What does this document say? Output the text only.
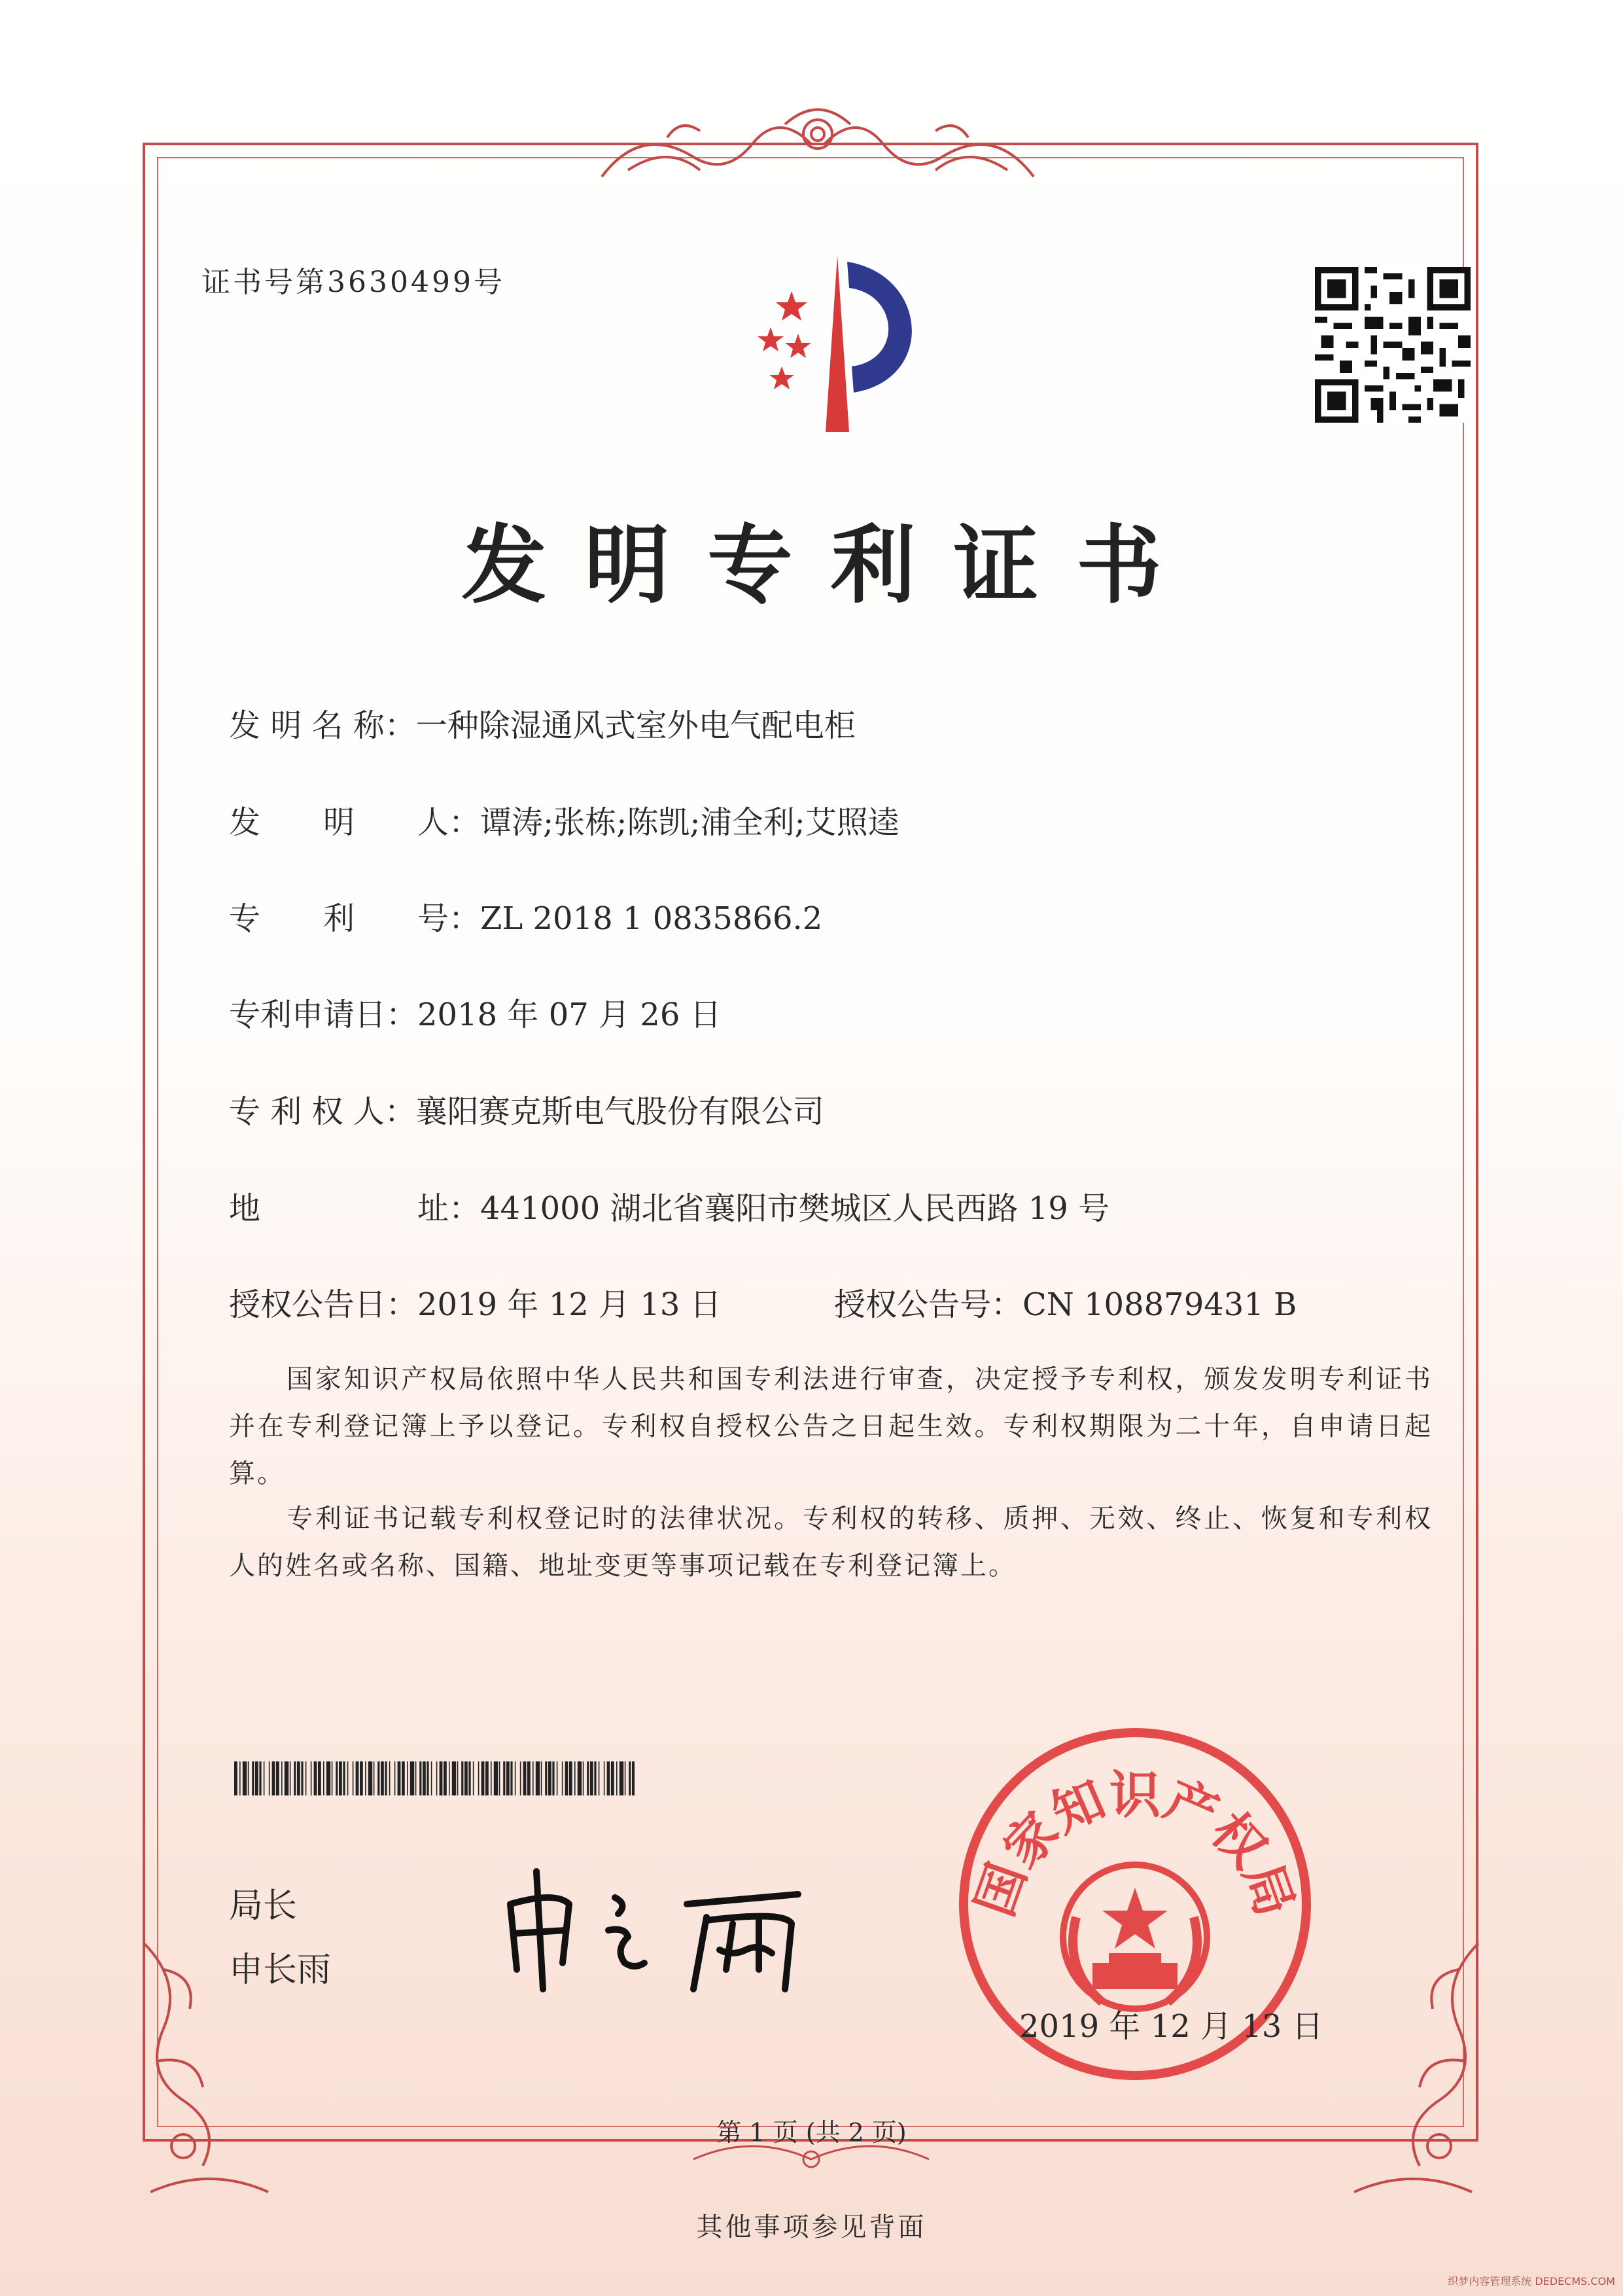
证书号第3630499号
发明专利证书
发 明 名 称：一种除湿通风式室外电气配电柜
发　　明　　人：谭涛;张栋;陈凯;浦全利;艾照逵
专　　利　　号：ZL 2018 1 0835866.2
专利申请日：2018 年 07 月 26 日
专 利 权 人：襄阳赛克斯电气股份有限公司
地　　　　　址：441000 湖北省襄阳市樊城区人民西路 19 号
授权公告日：2019 年 12 月 13 日	授权公告号：CN 108879431 B
国家知识产权局依照中华人民共和国专利法进行审查，决定授予专利权，颁发发明专利证书并在专利登记簿上予以登记。专利权自授权公告之日起生效。专利权期限为二十年，自申请日起算。
专利证书记载专利权登记时的法律状况。专利权的转移、质押、无效、终止、恢复和专利权人的姓名或名称、国籍、地址变更等事项记载在专利登记簿上。
局长
申长雨
国家知识产权局
2019 年 12 月 13 日
第 1 页 (共 2 页)
其他事项参见背面
织梦内容管理系统 DEDECMS.COM
